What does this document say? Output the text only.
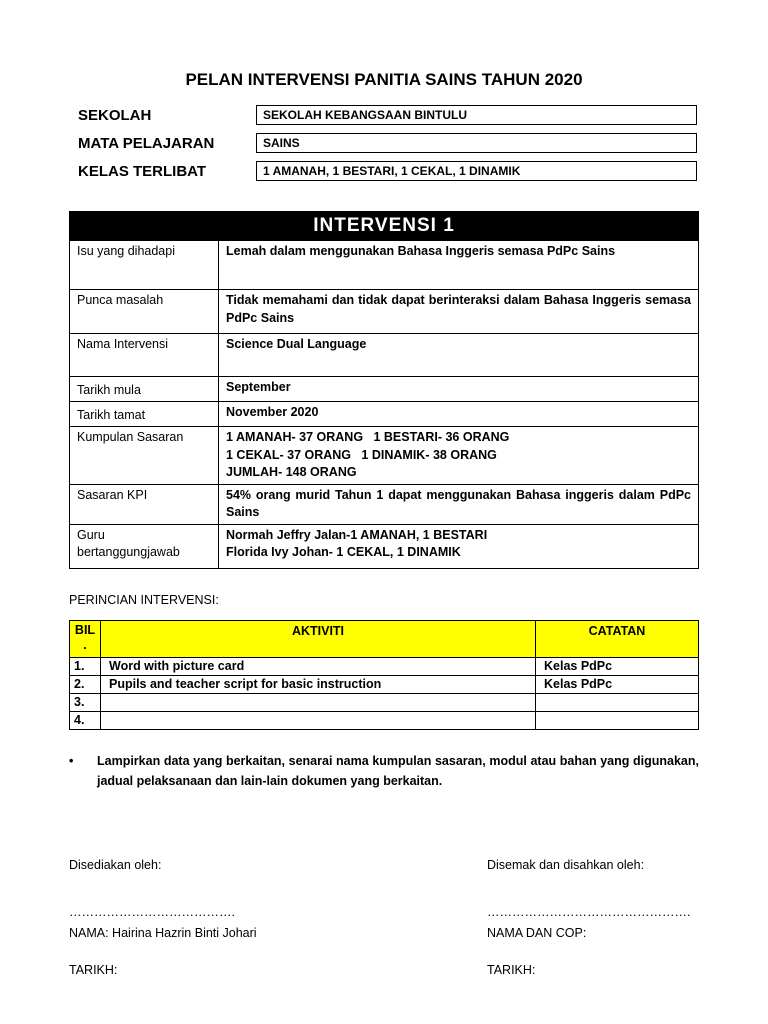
PELAN INTERVENSI PANITIA SAINS TAHUN 2020
SEKOLAH	SEKOLAH KEBANGSAAN BINTULU
MATA PELAJARAN	SAINS
KELAS TERLIBAT	1 AMANAH, 1 BESTARI, 1 CEKAL, 1 DINAMIK
INTERVENSI 1	
Isu yang dihadapi	Lemah dalam menggunakan Bahasa Inggeris semasa PdPc Sains
Punca masalah	Tidak memahami dan tidak dapat berinteraksi dalam Bahasa Inggeris semasa PdPc Sains
Nama Intervensi	Science Dual Language
Tarikh mula	September
Tarikh tamat	November 2020
Kumpulan Sasaran	1 AMANAH- 37 ORANG   1 BESTARI- 36 ORANG
1 CEKAL- 37 ORANG   1 DINAMIK- 38 ORANG
JUMLAH- 148 ORANG

Sasaran KPI	54% orang murid Tahun 1 dapat menggunakan Bahasa inggeris dalam PdPc Sains
Guru bertanggungjawab	Normah Jeffry Jalan-1 AMANAH, 1 BESTARI
Florida Ivy Johan- 1 CEKAL, 1 DINAMIK
PERINCIAN INTERVENSI:
BIL .	AKTIVITI	CATATAN
1.	Word with picture card	Kelas PdPc
2.	Pupils and teacher script for basic instruction	Kelas PdPc
3.		
4.		
• Lampirkan data yang berkaitan, senarai nama kumpulan sasaran, modul atau bahan yang digunakan, jadual pelaksanaan dan lain-lain dokumen yang berkaitan.
Disediakan oleh:
………………………………….
NAMA: Hairina Hazrin Binti Johari
TARIKH:
Disemak dan disahkan oleh:
………………………………………….
NAMA DAN COP:
TARIKH:
